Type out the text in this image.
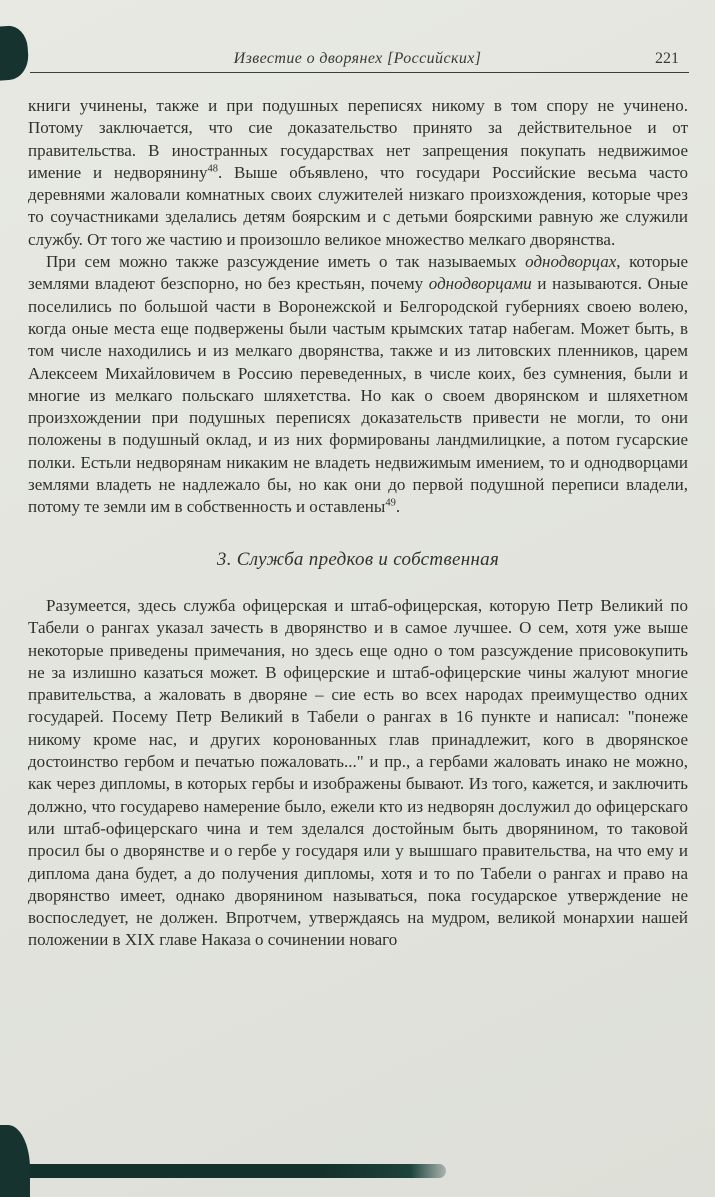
Известие о дворянех [Российских]	221

книги учинены, также и при подушных переписях никому в том спору не учинено. Потому заключается, что сие доказательство принято за действительное и от правительства. В иностранных государствах нет запрещения покупать недвижимое имение и недворянину$^{48}$. Выше объявлено, что государи Российские весьма часто деревнями жаловали комнатных своих служителей низкаго произхождения, которые чрез то соучастниками зделались детям боярским и с детьми боярскими равную же служили службу. От того же частию и произошло великое множество мелкаго дворянства.

При сем можно также разсуждение иметь о так называемых однодворцах, которые землями владеют безспорно, но без крестьян, почему однодворцами и называются. Оные поселились по большой части в Воронежской и Белгородской губерниях своею волею, когда оные места еще подвержены были частым крымских татар набегам. Может быть, в том числе находились и из мелкаго дворянства, также и из литовских пленников, царем Алексеем Михайловичем в Россию переведенных, в числе коих, без сумнения, были и многие из мелкаго польскаго шляхетства. Но как о своем дворянском и шляхетном произхождении при подушных переписях доказательств привести не могли, то они положены в подушный оклад, и из них формированы ландмилицкие, а потом гусарские полки. Естьли недворянам никаким не владеть недвижимым имением, то и однодворцами землями владеть не надлежало бы, но как они до первой подушной переписи владели, потому те земли им в собственность и оставлены$^{49}$.

3. Служба предков и собственная

Разумеется, здесь служба офицерская и штаб-офицерская, которую Петр Великий по Табели о рангах указал зачесть в дворянство и в самое лучшее. О сем, хотя уже выше некоторые приведены примечания, но здесь еще одно о том разсуждение присовокупить не за излишно казаться может. В офицерские и штаб-офицерские чины жалуют многие правительства, а жаловать в дворяне – сие есть во всех народах преимущество одних государей. Посему Петр Великий в Табели о рангах в 16 пункте и написал: "понеже никому кроме нас, и других коронованных глав принадлежит, кого в дворянское достоинство гербом и печатью пожаловать..." и пр., а гербами жаловать инако не можно, как через дипломы, в которых гербы и изображены бывают. Из того, кажется, и заключить должно, что государево намерение было, ежели кто из недворян дослужил до офицерскаго или штаб-офицерскаго чина и тем зделался достойным быть дворянином, то таковой просил бы о дворянстве и о гербе у государя или у вышшаго правительства, на что ему и диплома дана будет, а до получения дипломы, хотя и то по Табели о рангах и право на дворянство имеет, однако дворянином называться, пока государское утверждение не воспоследует, не должен. Впротчем, утверждаясь на мудром, великой монархии нашей положении в XIX главе Наказа о сочинении новаго
